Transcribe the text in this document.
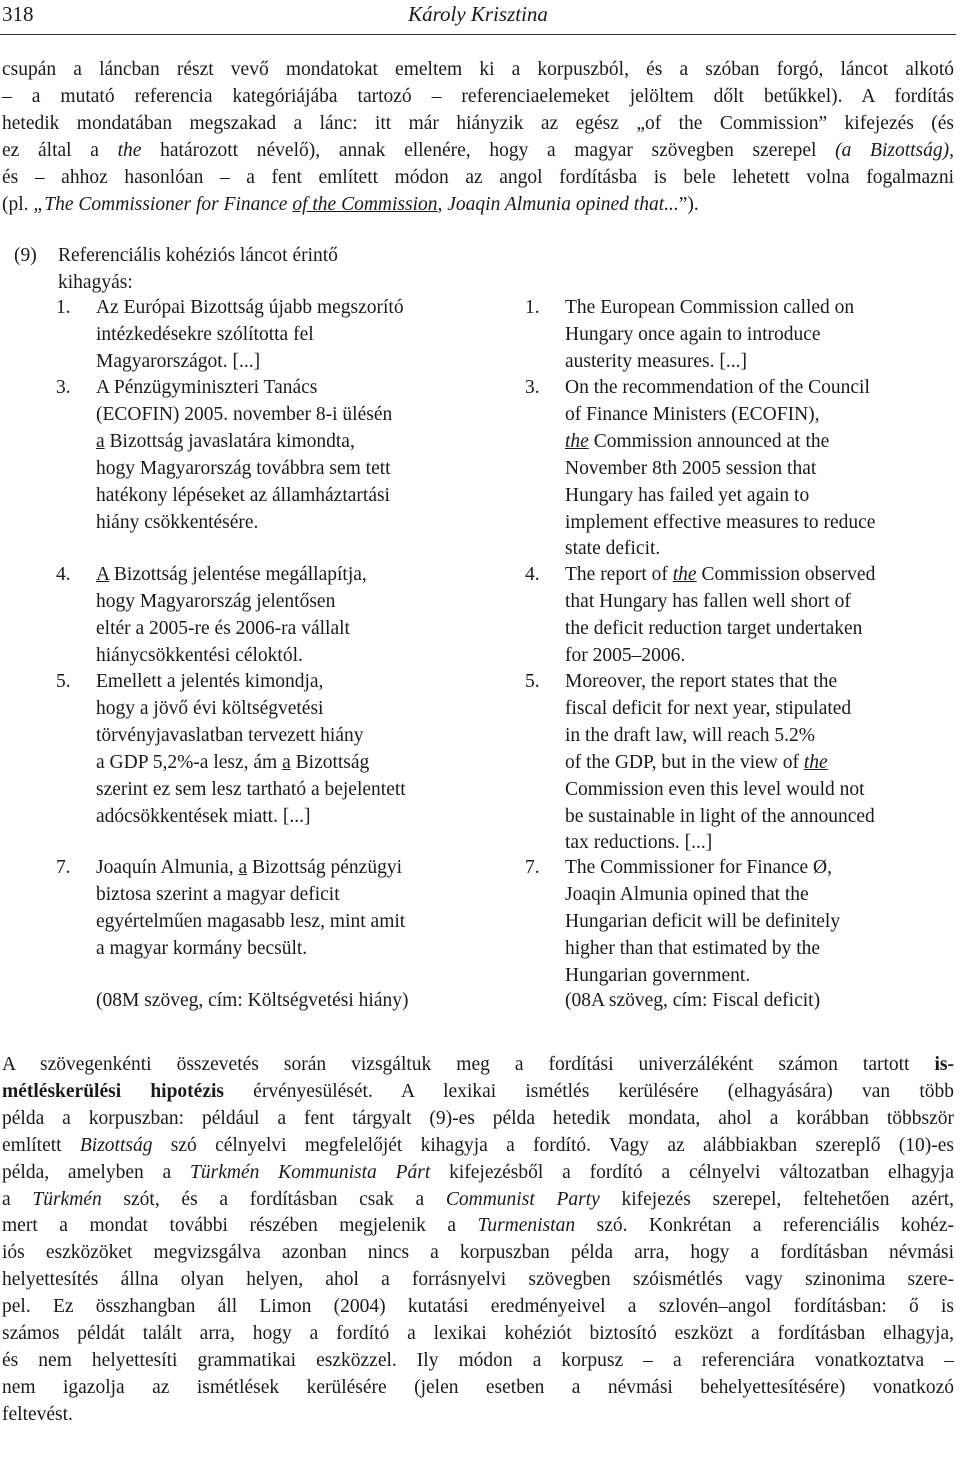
318	Károly Krisztina
csupán a láncban részt vevő mondatokat emeltem ki a korpuszból, és a szóban forgó, láncot alkotó
– a mutató referencia kategóriájába tartozó – referenciaelemeket jelöltem dőlt betűkkel). A fordítás
hetedik mondatában megszakad a lánc: itt már hiányzik az egész „of the Commission” kifejezés (és
ez által a the határozott névelő), annak ellenére, hogy a magyar szövegben szerepel (a Bizottság),
és – ahhoz hasonlóan – a fent említett módon az angol fordításba is bele lehetett volna fogalmazni
(pl. „The Commissioner for Finance of the Commission, Joaqin Almunia opined that...”).
(9) Referenciális kohéziós láncot érintő
kihagyás:
1. Az Európai Bizottság újabb megszorító
intézkedésekre szólította fel
Magyarországot. [...]
3. A Pénzügyminiszteri Tanács
(ECOFIN) 2005. november 8-i ülésén
a Bizottság javaslatára kimondta,
hogy Magyarország továbbra sem tett
hatékony lépéseket az államháztartási
hiány csökkentésére.
4. A Bizottság jelentése megállapítja,
hogy Magyarország jelentősen
eltér a 2005-re és 2006-ra vállalt
hiánycsökkentési céloktól.
5. Emellett a jelentés kimondja,
hogy a jövő évi költségvetési
törvényjavaslatban tervezett hiány
a GDP 5,2%-a lesz, ám a Bizottság
szerint ez sem lesz tartható a bejelentett
adócsökkentések miatt. [...]
7. Joaquín Almunia, a Bizottság pénzügyi
biztosa szerint a magyar deficit
egyértelműen magasabb lesz, mint amit
a magyar kormány becsült.
(08M szöveg, cím: Költségvetési hiány)
1. The European Commission called on
Hungary once again to introduce
austerity measures. [...]
3. On the recommendation of the Council
of Finance Ministers (ECOFIN),
the Commission announced at the
November 8th 2005 session that
Hungary has failed yet again to
implement effective measures to reduce
state deficit.
4. The report of the Commission observed
that Hungary has fallen well short of
the deficit reduction target undertaken
for 2005–2006.
5. Moreover, the report states that the
fiscal deficit for next year, stipulated
in the draft law, will reach 5.2%
of the GDP, but in the view of the
Commission even this level would not
be sustainable in light of the announced
tax reductions. [...]
7. The Commissioner for Finance Ø,
Joaqin Almunia opined that the
Hungarian deficit will be definitely
higher than that estimated by the
Hungarian government.
(08A szöveg, cím: Fiscal deficit)
A szövegenkénti összevetés során vizsgáltuk meg a fordítási univerzáléként számon tartott is-
métléskerülési hipotézis érvényesülését. A lexikai ismétlés kerülésére (elhagyására) van több
példa a korpuszban: például a fent tárgyalt (9)-es példa hetedik mondata, ahol a korábban többször
említett Bizottság szó célnyelvi megfelelőjét kihagyja a fordító. Vagy az alábbiakban szereplő (10)-es
példa, amelyben a Türkmén Kommunista Párt kifejezésből a fordító a célnyelvi változatban elhagyja
a Türkmén szót, és a fordításban csak a Communist Party kifejezés szerepel, feltehetően azért,
mert a mondat további részében megjelenik a Turmenistan szó. Konkrétan a referenciális kohéz-
iós eszközöket megvizsgálva azonban nincs a korpuszban példa arra, hogy a fordításban névmási
helyettesítés állna olyan helyen, ahol a forrásnyelvi szövegben szóismétlés vagy szinonima szere-
pel. Ez összhangban áll Limon (2004) kutatási eredményeivel a szlovén–angol fordításban: ő is
számos példát talált arra, hogy a fordító a lexikai kohéziót biztosító eszközt a fordításban elhagyja,
és nem helyettesíti grammatikai eszközzel. Ily módon a korpusz – a referenciára vonatkoztatva –
nem igazolja az ismétlések kerülésére (jelen esetben a névmási behelyettesítésére) vonatkozó
feltevést.
